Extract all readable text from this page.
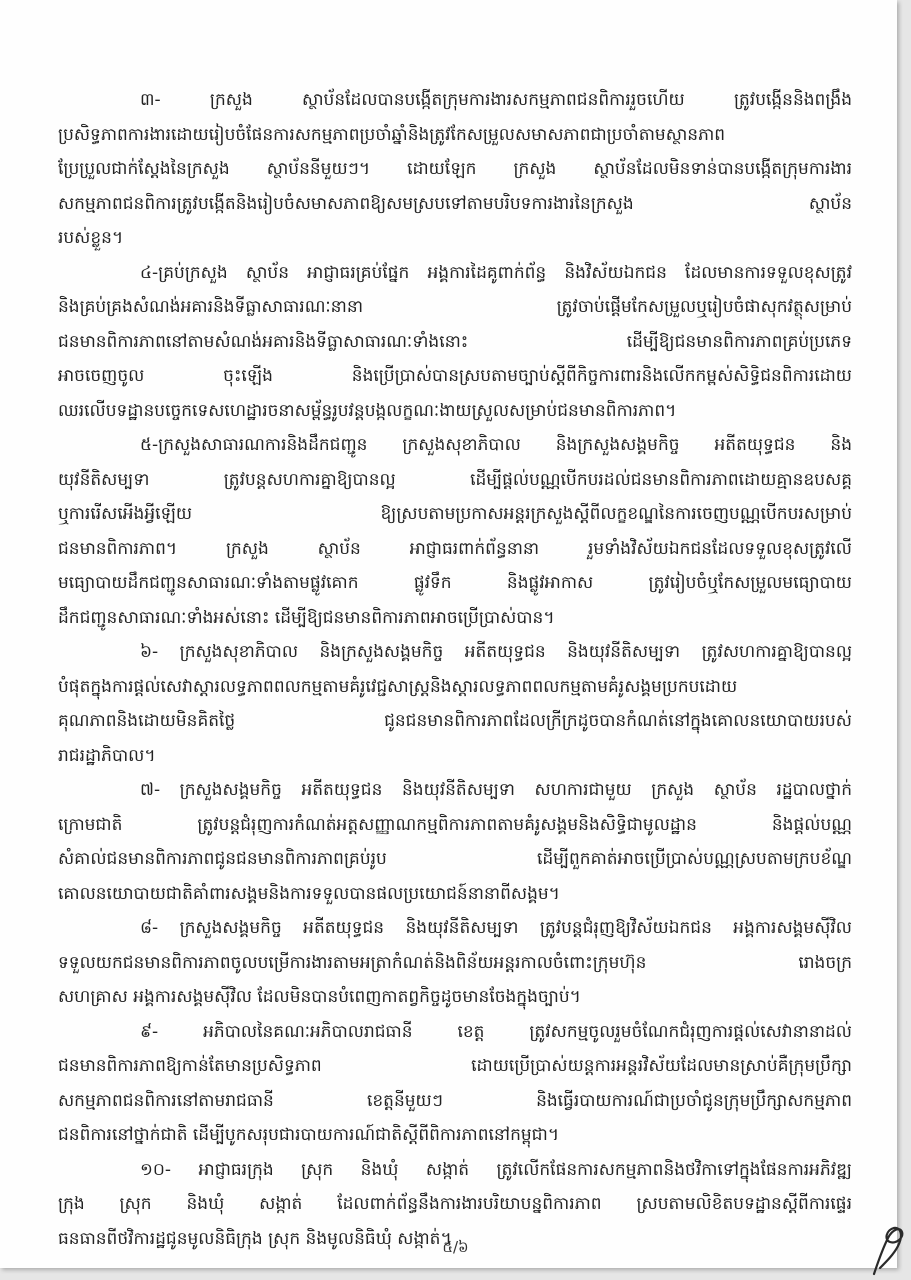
៣- ក្រសួង ស្ថាប័នដែលបានបង្កើតក្រុមការងារសកម្មភាពជនពិការរួចហើយ ត្រូវបង្កើននិងពង្រឹង
ប្រសិទ្ធភាពការងារដោយរៀបចំផែនការសកម្មភាពប្រចាំឆ្នាំនិងត្រូវកែសម្រួលសមាសភាពជាប្រចាំតាមស្ថានភាព
ប្រែប្រួលជាក់ស្តែងនៃក្រសួង ស្ថាប័ននីមួយៗ។ ដោយឡែក ក្រសួង ស្ថាប័នដែលមិនទាន់បានបង្កើតក្រុមការងារ
សកម្មភាពជនពិការត្រូវបង្កើតនិងរៀបចំសមាសភាពឱ្យសមស្របទៅតាមបរិបទការងារនៃក្រសួង ស្ថាប័ន
របស់ខ្លួន។
៤-គ្រប់ក្រសួង ស្ថាប័ន អាជ្ញាធរគ្រប់ផ្នែក អង្គការដៃគូពាក់ព័ន្ធ និងវិស័យឯកជន ដែលមានការទទួលខុសត្រូវ
និងគ្រប់គ្រងសំណង់អគារនិងទីធ្លាសាធារណៈនានា ត្រូវចាប់ផ្តើមកែសម្រួលឬរៀបចំផាសុកវត្ថុសម្រាប់
ជនមានពិការភាពនៅតាមសំណង់អគារនិងទីធ្លាសាធារណៈទាំងនោះ ដើម្បីឱ្យជនមានពិការភាពគ្រប់ប្រភេទ
អាចចេញចូល ចុះឡើង និងប្រើប្រាស់បានស្របតាមច្បាប់ស្តីពីកិច្ចការពារនិងលើកកម្ពស់សិទ្ធិជនពិការដោយ
ឈរលើបទដ្ឋានបច្ចេកទេសហេដ្ឋារចនាសម្ព័ន្ធរូបវន្តបង្កលក្ខណៈងាយស្រួលសម្រាប់ជនមានពិការភាព។
៥-ក្រសួងសាធារណការនិងដឹកជញ្ជូន ក្រសួងសុខាភិបាល និងក្រសួងសង្គមកិច្ច អតីតយុទ្ធជន និង
យុវនីតិសម្បទា ត្រូវបន្តសហការគ្នាឱ្យបានល្អ ដើម្បីផ្តល់បណ្ណបើកបរដល់ជនមានពិការភាពដោយគ្មានឧបសគ្គ
ឬការរើសអើងអ្វីឡើយ ឱ្យស្របតាមប្រកាសអន្តរក្រសួងស្តីពីលក្ខខណ្ឌនៃការចេញបណ្ណបើកបរសម្រាប់
ជនមានពិការភាព។ ក្រសួង ស្ថាប័ន អាជ្ញាធរពាក់ព័ន្ធនានា រួមទាំងវិស័យឯកជនដែលទទួលខុសត្រូវលើ
មធ្យោបាយដឹកជញ្ជូនសាធារណៈទាំងតាមផ្លូវគោក ផ្លូវទឹក និងផ្លូវអាកាស ត្រូវរៀបចំឬកែសម្រួលមធ្យោបាយ
ដឹកជញ្ជូនសាធារណៈទាំងអស់នោះ ដើម្បីឱ្យជនមានពិការភាពអាចប្រើប្រាស់បាន។
៦- ក្រសួងសុខាភិបាល និងក្រសួងសង្គមកិច្ច អតីតយុទ្ធជន និងយុវនីតិសម្បទា ត្រូវសហការគ្នាឱ្យបានល្អ
បំផុតក្នុងការផ្តល់សេវាស្តារលទ្ធភាពពលកម្មតាមគំរូវេជ្ជសាស្ត្រនិងស្តារលទ្ធភាពពលកម្មតាមគំរូសង្គមប្រកបដោយ
គុណភាពនិងដោយមិនគិតថ្លៃ ជូនជនមានពិការភាពដែលក្រីក្រដូចបានកំណត់នៅក្នុងគោលនយោបាយរបស់
រាជរដ្ឋាភិបាល។
៧- ក្រសួងសង្គមកិច្ច អតីតយុទ្ធជន និងយុវនីតិសម្បទា សហការជាមួយ ក្រសួង ស្ថាប័ន រដ្ឋបាលថ្នាក់
ក្រោមជាតិ ត្រូវបន្តជំរុញការកំណត់អត្តសញ្ញាណកម្មពិការភាពតាមគំរូសង្គមនិងសិទ្ធិជាមូលដ្ឋាន និងផ្តល់បណ្ណ
សំគាល់ជនមានពិការភាពជូនជនមានពិការភាពគ្រប់រូប ដើម្បីពួកគាត់អាចប្រើប្រាស់បណ្ណស្របតាមក្របខ័ណ្ឌ
គោលនយោបាយជាតិគាំពារសង្គមនិងការទទួលបានផលប្រយោជន៍នានាពីសង្គម។
៨- ក្រសួងសង្គមកិច្ច អតីតយុទ្ធជន និងយុវនីតិសម្បទា ត្រូវបន្តជំរុញឱ្យវិស័យឯកជន អង្គការសង្គមស៊ីវិល
ទទួលយកជនមានពិការភាពចូលបម្រើការងារតាមអត្រាកំណត់និងពិន័យអន្តរកាលចំពោះក្រុមហ៊ុន រោងចក្រ
សហគ្រាស អង្គការសង្គមស៊ីវិល ដែលមិនបានបំពេញកាតព្វកិច្ចដូចមានចែងក្នុងច្បាប់។
៩- អភិបាលនៃគណៈអភិបាលរាជធានី ខេត្ត ត្រូវសកម្មចូលរួមចំណែកជំរុញការផ្តល់សេវានានាដល់
ជនមានពិការភាពឱ្យកាន់តែមានប្រសិទ្ធភាព ដោយប្រើប្រាស់យន្តការអន្តរវិស័យដែលមានស្រាប់គឺក្រុមប្រឹក្សា
សកម្មភាពជនពិការនៅតាមរាជធានី ខេត្តនីមួយៗ និងធ្វើរបាយការណ៍ជាប្រចាំជូនក្រុមប្រឹក្សាសកម្មភាព
ជនពិការនៅថ្នាក់ជាតិ ដើម្បីបូកសរុបជារបាយការណ៍ជាតិស្តីពីពិការភាពនៅកម្ពុជា។
១០- អាជ្ញាធរក្រុង ស្រុក និងឃុំ សង្កាត់ ត្រូវលើកផែនការសកម្មភាពនិងថវិកាទៅក្នុងផែនការអភិវឌ្ឍ
ក្រុង ស្រុក និងឃុំ សង្កាត់ ដែលពាក់ព័ន្ធនឹងការងារបរិយាបន្នពិការភាព ស្របតាមលិខិតបទដ្ឋានស្តីពីការផ្ទេរ
ធនធានពីថវិការដ្ឋជូនមូលនិធិក្រុង ស្រុក និងមូលនិធិឃុំ សង្កាត់។
៥/៦
